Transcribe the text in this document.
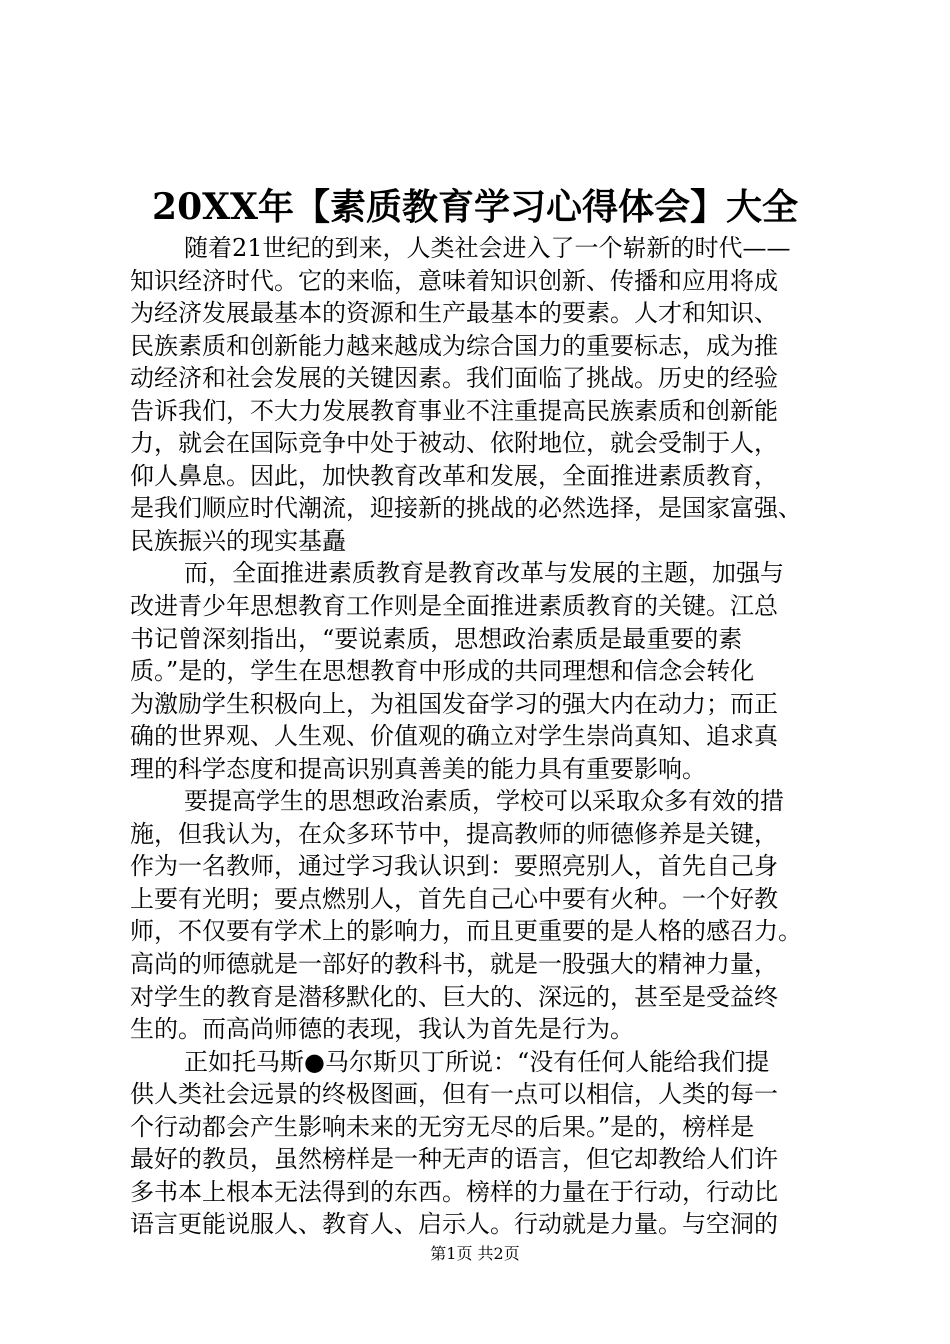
20XX年【素质教育学习心得体会】大全
随着21世纪的到来，人类社会进入了一个崭新的时代——
知识经济时代。它的来临，意味着知识创新、传播和应用将成
为经济发展最基本的资源和生产最基本的要素。人才和知识、
民族素质和创新能力越来越成为综合国力的重要标志，成为推
动经济和社会发展的关键因素。我们面临了挑战。历史的经验
告诉我们，不大力发展教育事业不注重提高民族素质和创新能
力，就会在国际竞争中处于被动、依附地位，就会受制于人，
仰人鼻息。因此，加快教育改革和发展，全面推进素质教育，
是我们顺应时代潮流，迎接新的挑战的必然选择，是国家富强、
民族振兴的现实基矗
而，全面推进素质教育是教育改革与发展的主题，加强与
改进青少年思想教育工作则是全面推进素质教育的关键。江总
书记曾深刻指出，“要说素质，思想政治素质是最重要的素
质。”是的，学生在思想教育中形成的共同理想和信念会转化
为激励学生积极向上，为祖国发奋学习的强大内在动力；而正
确的世界观、人生观、价值观的确立对学生崇尚真知、追求真
理的科学态度和提高识别真善美的能力具有重要影响。
要提高学生的思想政治素质，学校可以采取众多有效的措
施，但我认为，在众多环节中，提高教师的师德修养是关键，
作为一名教师，通过学习我认识到：要照亮别人，首先自己身
上要有光明；要点燃别人，首先自己心中要有火种。一个好教
师，不仅要有学术上的影响力，而且更重要的是人格的感召力。
高尚的师德就是一部好的教科书，就是一股强大的精神力量，
对学生的教育是潜移默化的、巨大的、深远的，甚至是受益终
生的。而高尚师德的表现，我认为首先是行为。
正如托马斯●马尔斯贝丁所说：“没有任何人能给我们提
供人类社会远景的终极图画，但有一点可以相信，人类的每一
个行动都会产生影响未来的无穷无尽的后果。”是的，榜样是
最好的教员，虽然榜样是一种无声的语言，但它却教给人们许
多书本上根本无法得到的东西。榜样的力量在于行动，行动比
语言更能说服人、教育人、启示人。行动就是力量。与空洞的
第1页 共2页
